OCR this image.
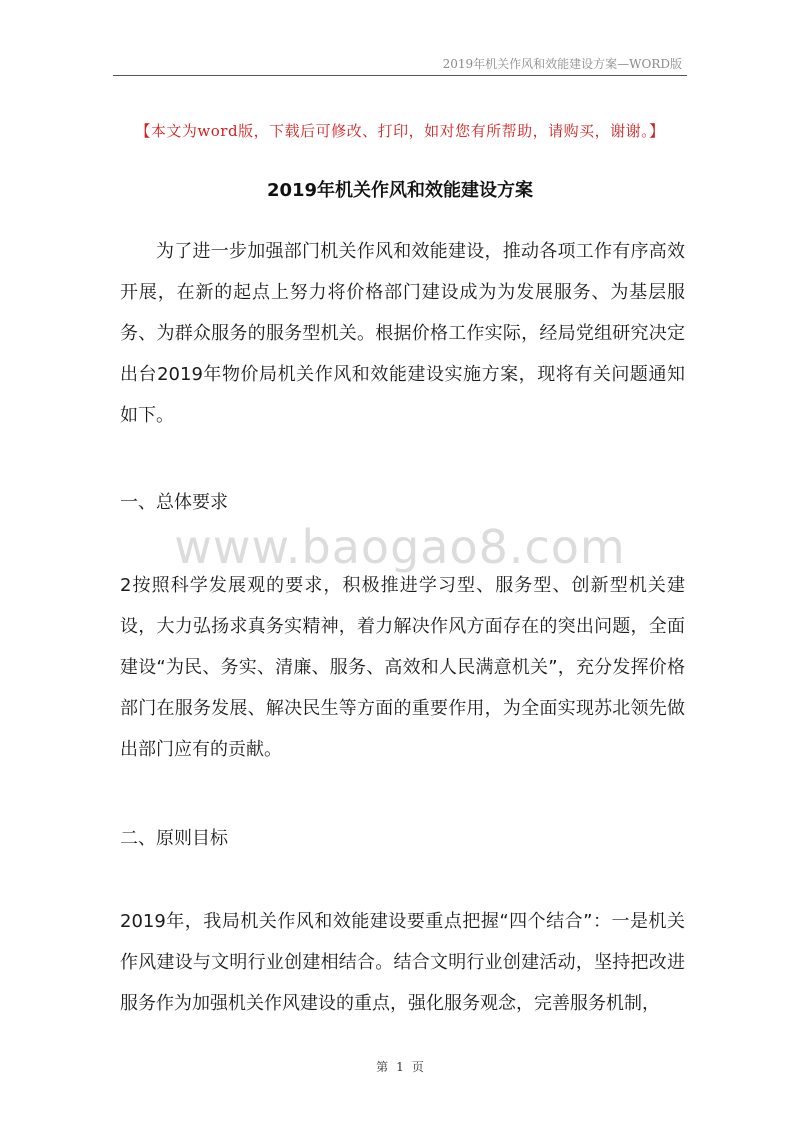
2019年机关作风和效能建设方案—WORD版
【本文为word版，下载后可修改、打印，如对您有所帮助，请购买，谢谢。】
2019年机关作风和效能建设方案
为了进一步加强部门机关作风和效能建设，推动各项工作有序高效开展，在新的起点上努力将价格部门建设成为为发展服务、为基层服务、为群众服务的服务型机关。根据价格工作实际，经局党组研究决定出台2019年物价局机关作风和效能建设实施方案，现将有关问题通知如下。
一、总体要求
www.baogao8.com
2按照科学发展观的要求，积极推进学习型、服务型、创新型机关建设，大力弘扬求真务实精神，着力解决作风方面存在的突出问题，全面建设“为民、务实、清廉、服务、高效和人民满意机关”，充分发挥价格部门在服务发展、解决民生等方面的重要作用，为全面实现苏北领先做出部门应有的贡献。
二、原则目标
2019年，我局机关作风和效能建设要重点把握“四个结合”：一是机关作风建设与文明行业创建相结合。结合文明行业创建活动，坚持把改进服务作为加强机关作风建设的重点，强化服务观念，完善服务机制，
第 1 页
